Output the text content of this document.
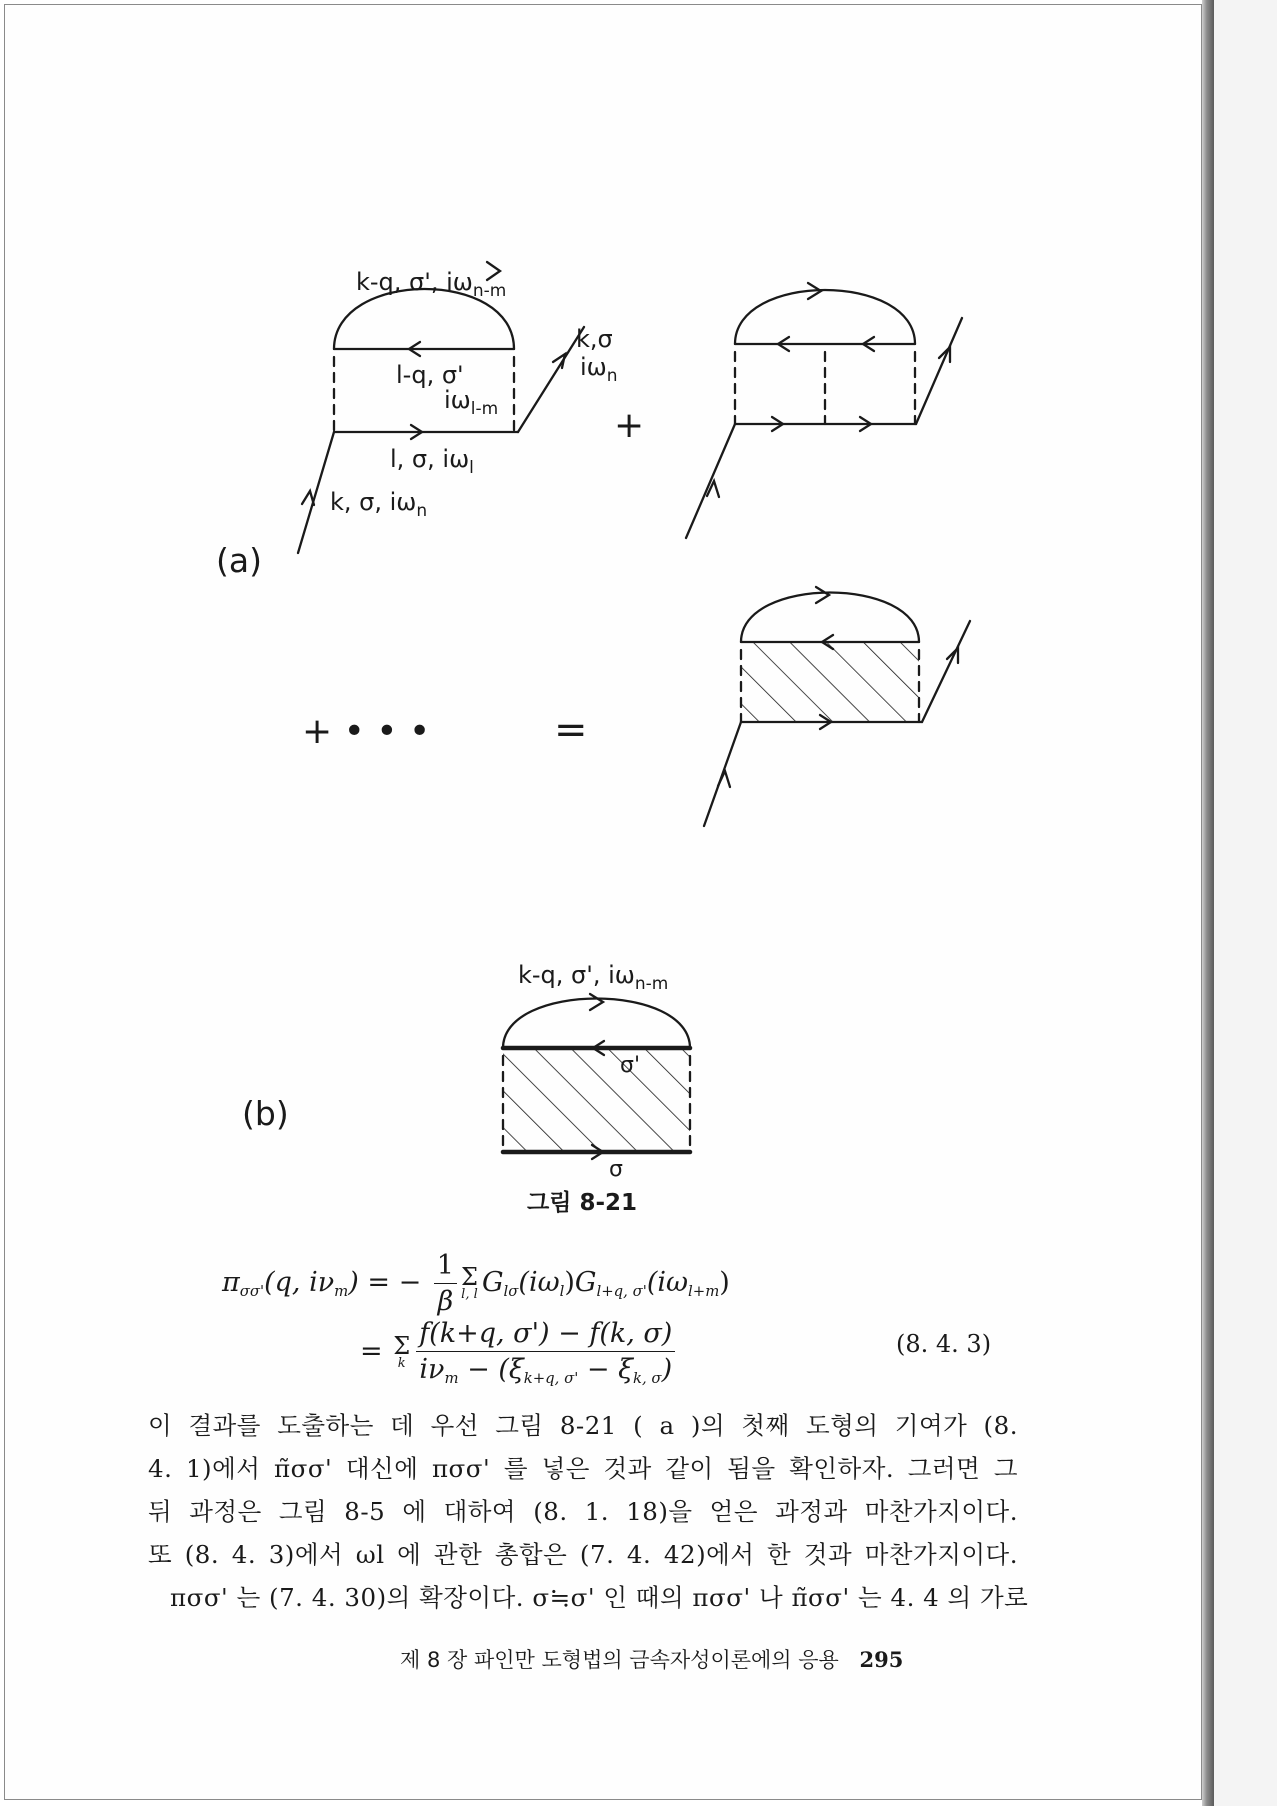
k-q, σ', $i\omega_{n-m}$
l-q, σ'
$i\omega_{l-m}$
l, σ, $i\omega_l$
k,σ
$i\omega_n$
k, σ, $i\omega_n$
(a)
+
+ • • •	=
k-q, σ', $i\omega_{n-m}$
σ'
σ
(b)
그림 8-21
$\pi_{\sigma\sigma'}(q$, $i\nu_m$) = − $\frac{1}{\beta}$ Σ
l, l $G_{l\sigma}(i\omega_l)G_{l+q, \sigma'}(i\omega_{l+m})$
= Σ
k $\frac{f(k+q, \sigma') - f(k, \sigma)}{i\nu_m - (\xi_{k+q, \sigma'} - \xi_{k, \sigma})}$	(8. 4. 3)
이 결과를 도출하는 데 우선 그림 8-21 ( a )의 첫째 도형의 기여가 (8.
4. 1)에서 π̃σσ' 대신에 πσσ' 를 넣은 것과 같이 됨을 확인하자. 그러면 그
뒤 과정은 그림 8-5 에 대하여 (8. 1. 18)을 얻은 과정과 마찬가지이다.
또 (8. 4. 3)에서 ωl 에 관한 총합은 (7. 4. 42)에서 한 것과 마찬가지이다.
πσσ' 는 (7. 4. 30)의 확장이다. σ≒σ' 인 때의 πσσ' 나 π̃σσ' 는 4. 4 의 가로
제 8 장 파인만 도형법의 금속자성이론에의 응용 295
